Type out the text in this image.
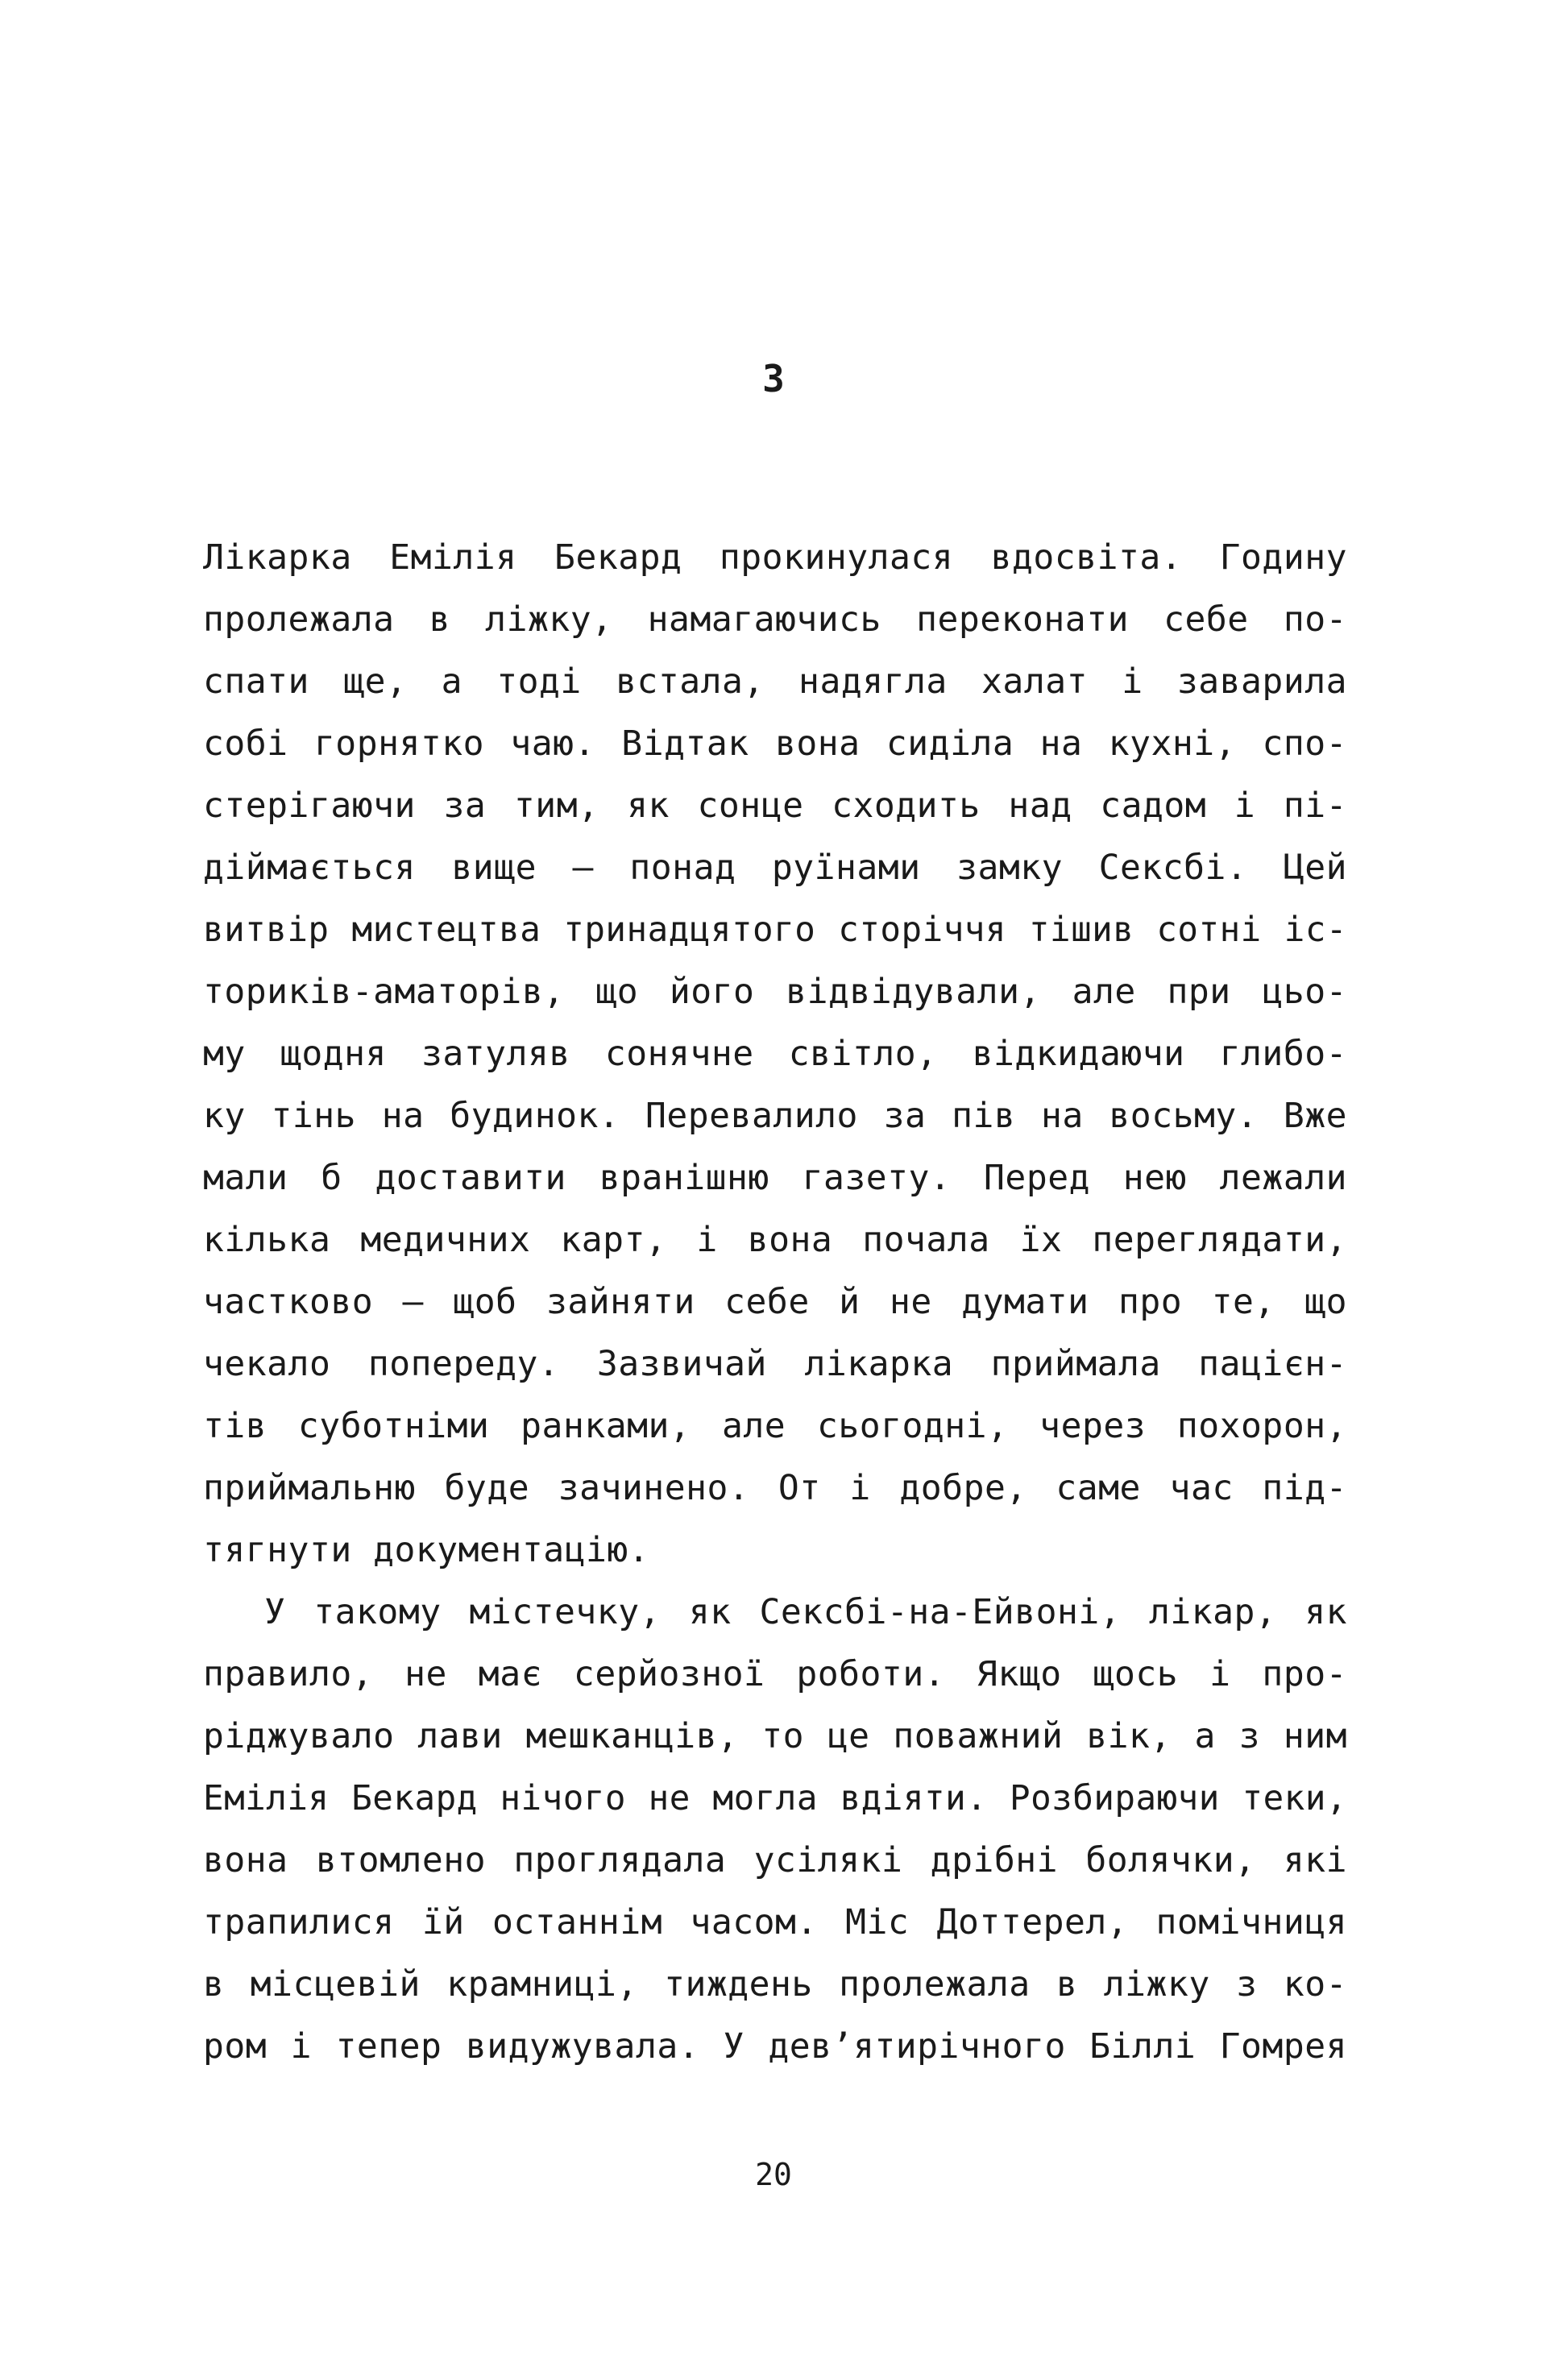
3
Лікарка Емілія Бекард прокинулася вдосвіта. Годину
пролежала в ліжку, намагаючись переконати себе по-
спати ще, а тоді встала, надягла халат і заварила
собі горнятко чаю. Відтак вона сиділа на кухні, спо-
стерігаючи за тим, як сонце сходить над садом і пі-
діймається вище — понад руїнами замку Сексбі. Цей
витвір мистецтва тринадцятого сторіччя тішив сотні іс-
ториків-аматорів, що його відвідували, але при цьо-
му щодня затуляв сонячне світло, відкидаючи глибо-
ку тінь на будинок. Перевалило за пів на восьму. Вже
мали б доставити вранішню газету. Перед нею лежали
кілька медичних карт, і вона почала їх переглядати,
частково — щоб зайняти себе й не думати про те, що
чекало попереду. Зазвичай лікарка приймала пацієн-
тів суботніми ранками, але сьогодні, через похорон,
приймальню буде зачинено. От і добре, саме час під-
тягнути документацію.
У такому містечку, як Сексбі-на-Ейвоні, лікар, як
правило, не має серйозної роботи. Якщо щось і про-
ріджувало лави мешканців, то це поважний вік, а з ним
Емілія Бекард нічого не могла вдіяти. Розбираючи теки,
вона втомлено проглядала усілякі дрібні болячки, які
трапилися їй останнім часом. Міс Доттерел, помічниця
в місцевій крамниці, тиждень пролежала в ліжку з ко-
ром і тепер видужувала. У дев’ятирічного Біллі Гомрея
20
